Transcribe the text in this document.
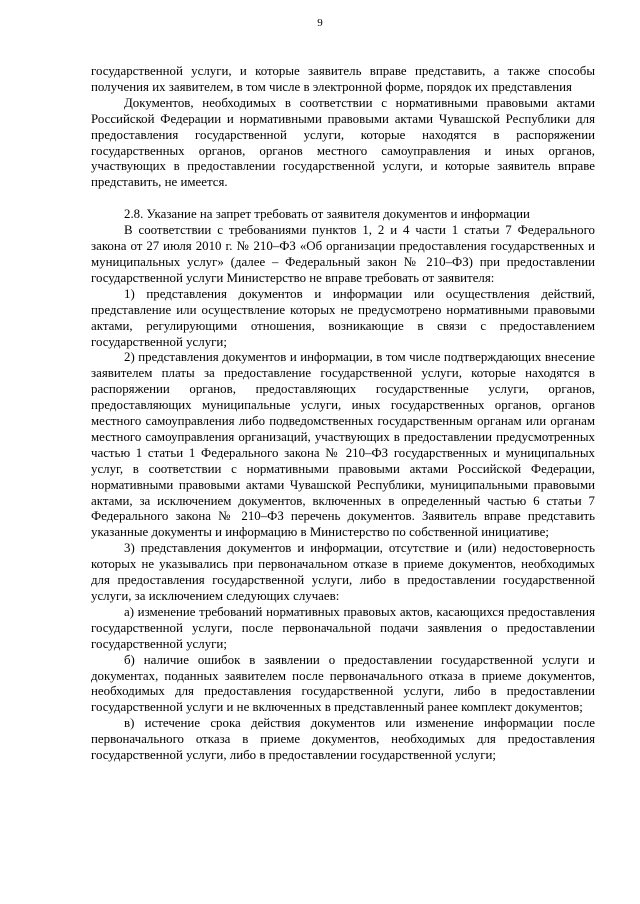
9

государственной услуги, и которые заявитель вправе представить, а также способы получения их заявителем, в том числе в электронной форме, порядок их представления

Документов, необходимых в соответствии с нормативными правовыми актами Российской Федерации и нормативными правовыми актами Чувашской Республики для предоставления государственной услуги, которые находятся в распоряжении государственных органов, органов местного самоуправления и иных органов, участвующих в предоставлении государственной услуги, и которые заявитель вправе представить, не имеется.

2.8. Указание на запрет требовать от заявителя документов и информации

В соответствии с требованиями пунктов 1, 2 и 4 части 1 статьи 7 Федерального закона от 27 июля 2010 г. № 210–ФЗ «Об организации предоставления государственных и муниципальных услуг» (далее – Федеральный закон № 210–ФЗ) при предоставлении государственной услуги Министерство не вправе требовать от заявителя:

1) представления документов и информации или осуществления действий, представление или осуществление которых не предусмотрено нормативными правовыми актами, регулирующими отношения, возникающие в связи с предоставлением государственной услуги;

2) представления документов и информации, в том числе подтверждающих внесение заявителем платы за предоставление государственной услуги, которые находятся в распоряжении органов, предоставляющих государственные услуги, органов, предоставляющих муниципальные услуги, иных государственных органов, органов местного самоуправления либо подведомственных государственным органам или органам местного самоуправления организаций, участвующих в предоставлении предусмотренных частью 1 статьи 1 Федерального закона № 210–ФЗ государственных и муниципальных услуг, в соответствии с нормативными правовыми актами Российской Федерации, нормативными правовыми актами Чувашской Республики, муниципальными правовыми актами, за исключением документов, включенных в определенный частью 6 статьи 7 Федерального закона № 210–ФЗ перечень документов. Заявитель вправе представить указанные документы и информацию в Министерство по собственной инициативе;

3) представления документов и информации, отсутствие и (или) недостоверность которых не указывались при первоначальном отказе в приеме документов, необходимых для предоставления государственной услуги, либо в предоставлении государственной услуги, за исключением следующих случаев:

а) изменение требований нормативных правовых актов, касающихся предоставления государственной услуги, после первоначальной подачи заявления о предоставлении государственной услуги;

б) наличие ошибок в заявлении о предоставлении государственной услуги и документах, поданных заявителем после первоначального отказа в приеме документов, необходимых для предоставления государственной услуги, либо в предоставлении государственной услуги и не включенных в представленный ранее комплект документов;

в) истечение срока действия документов или изменение информации после первоначального отказа в приеме документов, необходимых для предоставления государственной услуги, либо в предоставлении государственной услуги;
